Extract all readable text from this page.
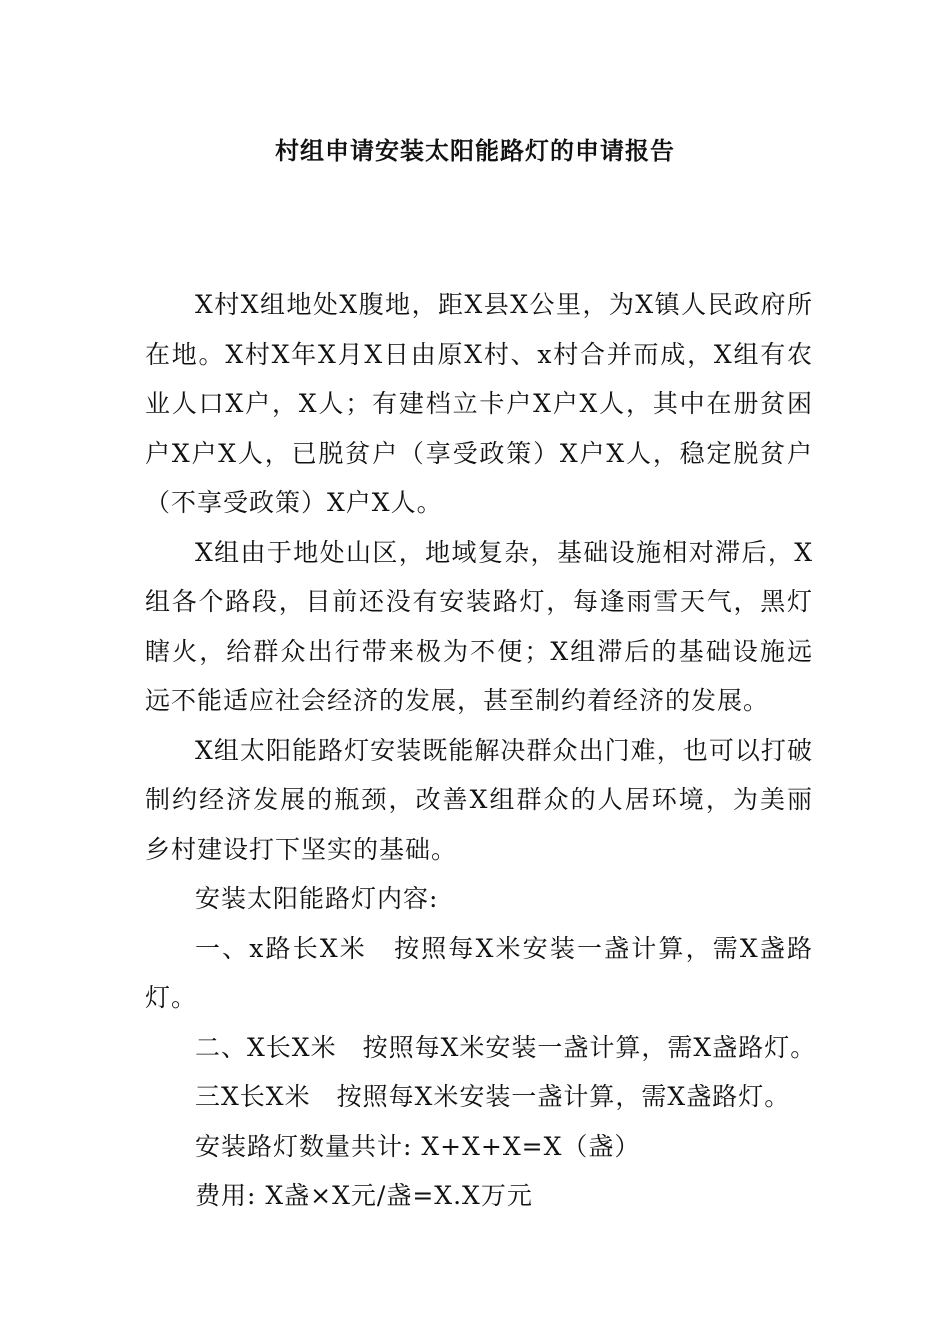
村组申请安装太阳能路灯的申请报告

X村X组地处X腹地，距X县X公里，为X镇人民政府所在地。X村X年X月X日由原X村、x村合并而成，X组有农业人口X户，X人；有建档立卡户X户X人，其中在册贫困户X户X人，已脱贫户（享受政策）X户X人，稳定脱贫户（不享受政策）X户X人。

X组由于地处山区，地域复杂，基础设施相对滞后，X组各个路段，目前还没有安装路灯，每逢雨雪天气，黑灯瞎火，给群众出行带来极为不便；X组滞后的基础设施远远不能适应社会经济的发展，甚至制约着经济的发展。

X组太阳能路灯安装既能解决群众出门难，也可以打破制约经济发展的瓶颈，改善X组群众的人居环境，为美丽乡村建设打下坚实的基础。

安装太阳能路灯内容:

一、x路长X米　按照每X米安装一盏计算，需X盏路灯。

二、X长X米　按照每X米安装一盏计算，需X盏路灯。

三X长X米　按照每X米安装一盏计算，需X盏路灯。

安装路灯数量共计: X+X+X=X（盏）

费用: X盏×X元/盏=X.X万元
